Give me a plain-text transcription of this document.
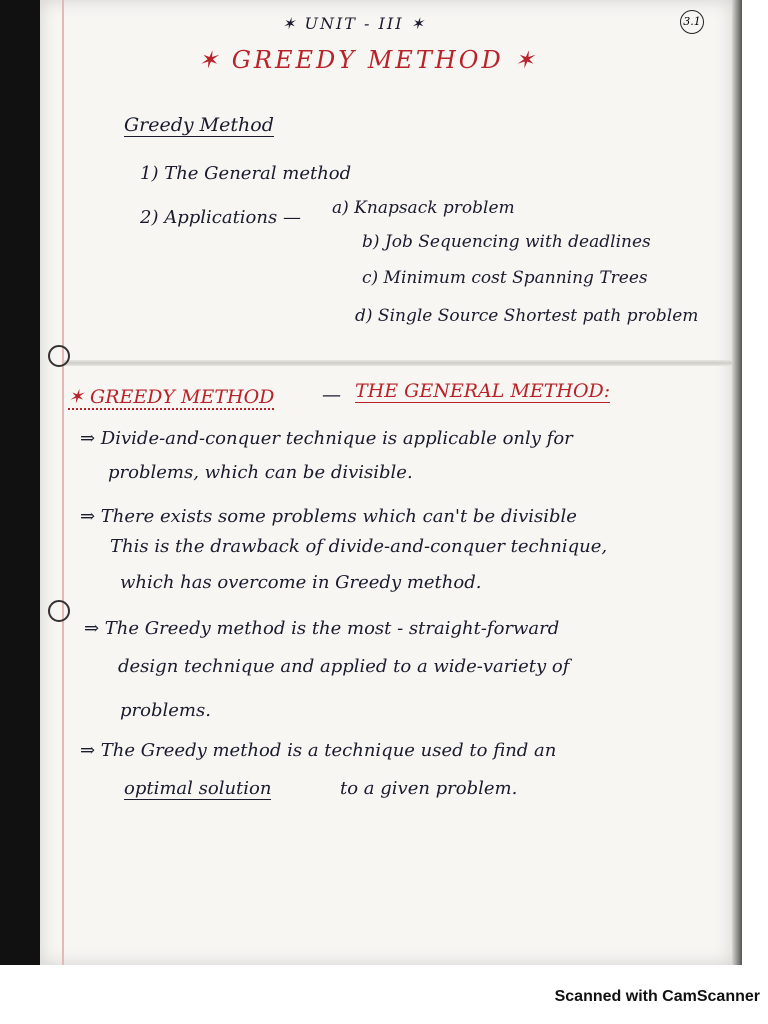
✶ UNIT - III ✶	3.1
✶ GREEDY METHOD ✶
Greedy Method
1) The General method
2) Applications — a) Knapsack problem
b) Job Sequencing with deadlines
c) Minimum cost Spanning Trees
d) Single Source Shortest path problem
✶ GREEDY METHOD	— THE GENERAL METHOD:
⇒ Divide-and-conquer technique is applicable only for
problems, which can be divisible.
⇒ There exists some problems which can't be divisible
This is the drawback of divide-and-conquer technique,
which has overcome in Greedy method.
⇒ The Greedy method is the most - straight-forward
design technique and applied to a wide-variety of
problems.
⇒ The Greedy method is a technique used to find an
optimal solution	to a given problem.
Scanned with CamScanner
